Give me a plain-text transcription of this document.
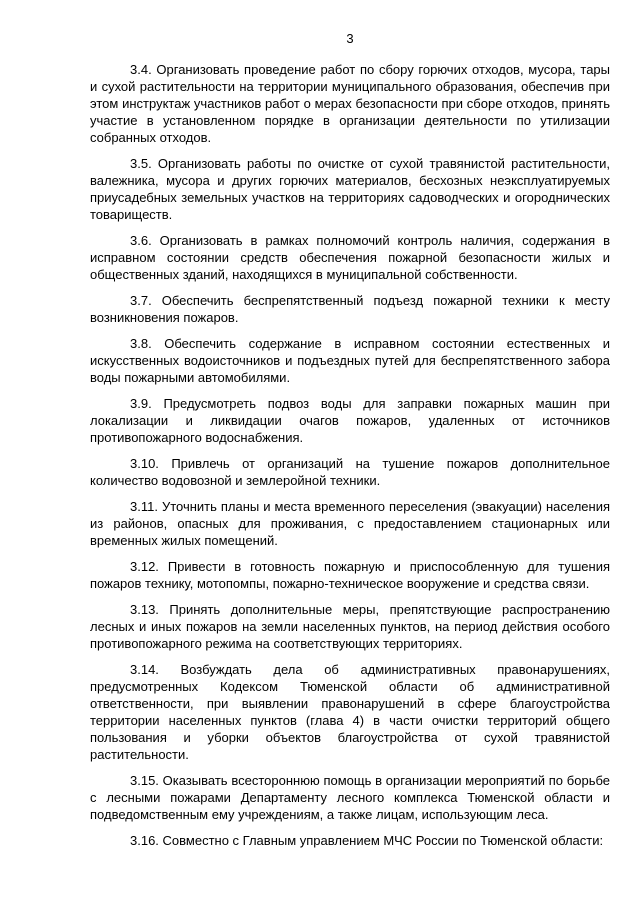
3

3.4. Организовать проведение работ по сбору горючих отходов, мусора, тары и сухой растительности на территории муниципального образования, обеспечив при этом инструктаж участников работ о мерах безопасности при сборе отходов, принять участие в установленном порядке в организации деятельности по утилизации собранных отходов.

3.5. Организовать работы по очистке от сухой травянистой растительности, валежника, мусора и других горючих материалов, бесхозных неэксплуатируемых приусадебных земельных участков на территориях садоводческих и огороднических товариществ.

3.6. Организовать в рамках полномочий контроль наличия, содержания в исправном состоянии средств обеспечения пожарной безопасности жилых и общественных зданий, находящихся в муниципальной собственности.

3.7. Обеспечить беспрепятственный подъезд пожарной техники к месту возникновения пожаров.

3.8. Обеспечить содержание в исправном состоянии естественных и искусственных водоисточников и подъездных путей для беспрепятственного забора воды пожарными автомобилями.

3.9. Предусмотреть подвоз воды для заправки пожарных машин при локализации и ликвидации очагов пожаров, удаленных от источников противопожарного водоснабжения.

3.10. Привлечь от организаций на тушение пожаров дополнительное количество водовозной и землеройной техники.

3.11. Уточнить планы и места временного переселения (эвакуации) населения из районов, опасных для проживания, с предоставлением стационарных или временных жилых помещений.

3.12. Привести в готовность пожарную и приспособленную для тушения пожаров технику, мотопомпы, пожарно-техническое вооружение и средства связи.

3.13. Принять дополнительные меры, препятствующие распространению лесных и иных пожаров на земли населенных пунктов, на период действия особого противопожарного режима на соответствующих территориях.

3.14. Возбуждать дела об административных правонарушениях, предусмотренных Кодексом Тюменской области об административной ответственности, при выявлении правонарушений в сфере благоустройства территории населенных пунктов (глава 4) в части очистки территорий общего пользования и уборки объектов благоустройства от сухой травянистой растительности.

3.15. Оказывать всестороннюю помощь в организации мероприятий по борьбе с лесными пожарами Департаменту лесного комплекса Тюменской области и подведомственным ему учреждениям, а также лицам, использующим леса.

3.16. Совместно с Главным управлением МЧС России по Тюменской области:
